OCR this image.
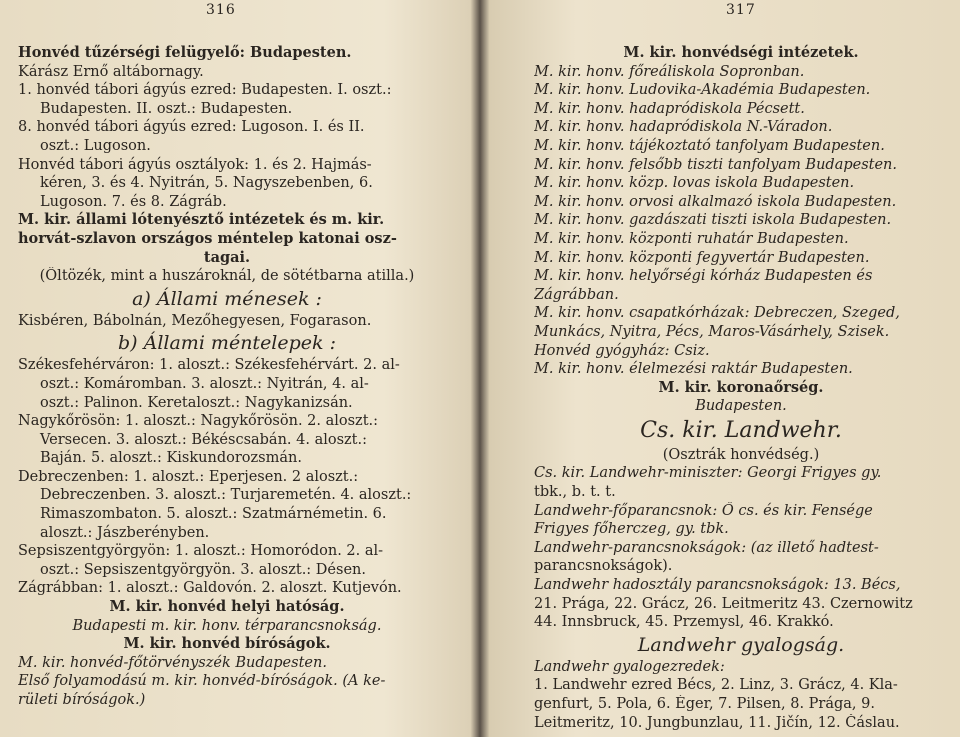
316
Honvéd tűzérségi felügyelő: Budapesten.
Kárász Ernő altábornagy.
1. honvéd tábori ágyús ezred: Budapesten. I. oszt.:
Budapesten. II. oszt.: Budapesten.
8. honvéd tábori ágyús ezred: Lugoson. I. és II.
oszt.: Lugoson.
Honvéd tábori ágyús osztályok: 1. és 2. Hajmás-
kéren, 3. és 4. Nyitrán, 5. Nagyszebenben, 6.
Lugoson. 7. és 8. Zágráb.
M. kir. állami lótenyésztő intézetek és m. kir.
horvát-szlavon országos méntelep katonai osz-
tagai.
(Öltözék, mint a huszároknál, de sötétbarna atilla.)
a) Állami ménesek :
Kisbéren, Bábolnán, Mezőhegyesen, Fogarason.
b) Állami méntelepek :
Székesfehérváron: 1. aloszt.: Székesfehérvárt. 2. al-
oszt.: Komáromban. 3. aloszt.: Nyitrán, 4. al-
oszt.: Palinon. Keretaloszt.: Nagykanizsán.
Nagykőrösön: 1. aloszt.: Nagykőrösön. 2. aloszt.:
Versecen. 3. aloszt.: Békéscsabán. 4. aloszt.:
Baján. 5. aloszt.: Kiskundorozsmán.
Debreczenben: 1. aloszt.: Eperjesen. 2 aloszt.:
Debreczenben. 3. aloszt.: Turjaremetén. 4. aloszt.:
Rimaszombaton. 5. aloszt.: Szatmárnémetin. 6.
aloszt.: Jászberényben.
Sepsiszentgyörgyön: 1. aloszt.: Homoródon. 2. al-
oszt.: Sepsiszentgyörgyön. 3. aloszt.: Désen.
Zágrábban: 1. aloszt.: Galdovón. 2. aloszt. Kutjevón.
M. kir. honvéd helyi hatóság.
Budapesti m. kir. honv. térparancsnokság.
M. kir. honvéd bíróságok.
M. kir. honvéd-főtörvényszék Budapesten.
Első folyamodású m. kir. honvéd-bíróságok. (A ke-
rületi bíróságok.)
317
M. kir. honvédségi intézetek.
M. kir. honv. főreáliskola Sopronban.
M. kir. honv. Ludovika-Akadémia Budapesten.
M. kir. honv. hadapródiskola Pécsett.
M. kir. honv. hadapródiskola N.-Váradon.
M. kir. honv. tájékoztató tanfolyam Budapesten.
M. kir. honv. felsőbb tiszti tanfolyam Budapesten.
M. kir. honv. közp. lovas iskola Budapesten.
M. kir. honv. orvosi alkalmazó iskola Budapesten.
M. kir. honv. gazdászati tiszti iskola Budapesten.
M. kir. honv. központi ruhatár Budapesten.
M. kir. honv. központi fegyvertár Budapesten.
M. kir. honv. helyőrségi kórház Budapesten és
Zágrábban.
M. kir. honv. csapatkórházak: Debreczen, Szeged,
Munkács, Nyitra, Pécs, Maros-Vásárhely, Szisek.
Honvéd gyógyház: Csiz.
M. kir. honv. élelmezési raktár Budapesten.
M. kir. koronaőrség.
Budapesten.
Cs. kir. Landwehr.
(Osztrák honvédség.)
Cs. kir. Landwehr-miniszter: Georgi Frigyes gy.
tbk., b. t. t.
Landwehr-főparancsnok: Ő cs. és kir. Fensége
Frigyes főherczeg, gy. tbk.
Landwehr-parancsnokságok: (az illető hadtest-
parancsnokságok).
Landwehr hadosztály parancsnokságok: 13. Bécs,
21. Prága, 22. Grácz, 26. Leitmeritz 43. Czernowitz
44. Innsbruck, 45. Przemysl, 46. Krakkó.
Landwehr gyalogság.
Landwehr gyalogezredek:
1. Landwehr ezred Bécs, 2. Linz, 3. Grácz, 4. Kla-
genfurt, 5. Pola, 6. Éger, 7. Pilsen, 8. Prága, 9.
Leitmeritz, 10. Jungbunzlau, 11. Jičín, 12. Čáslau.
